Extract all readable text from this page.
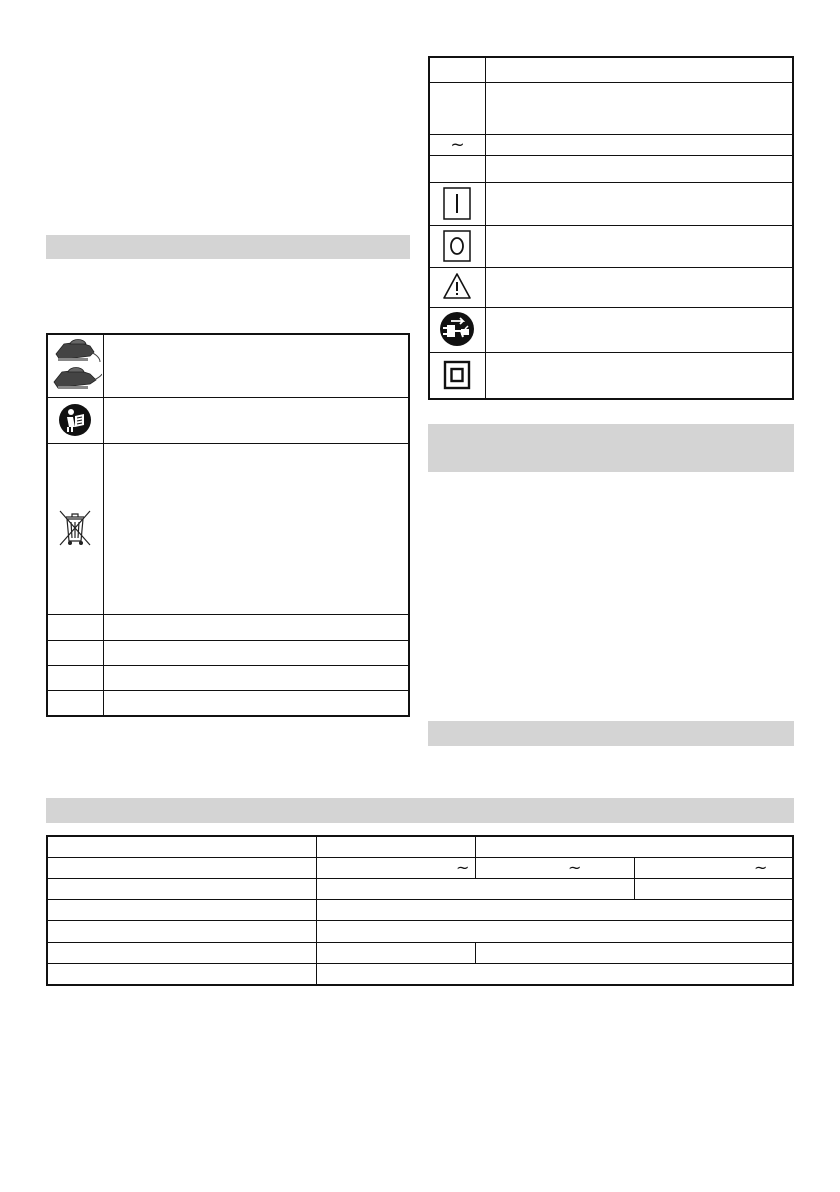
~
~	~	~
